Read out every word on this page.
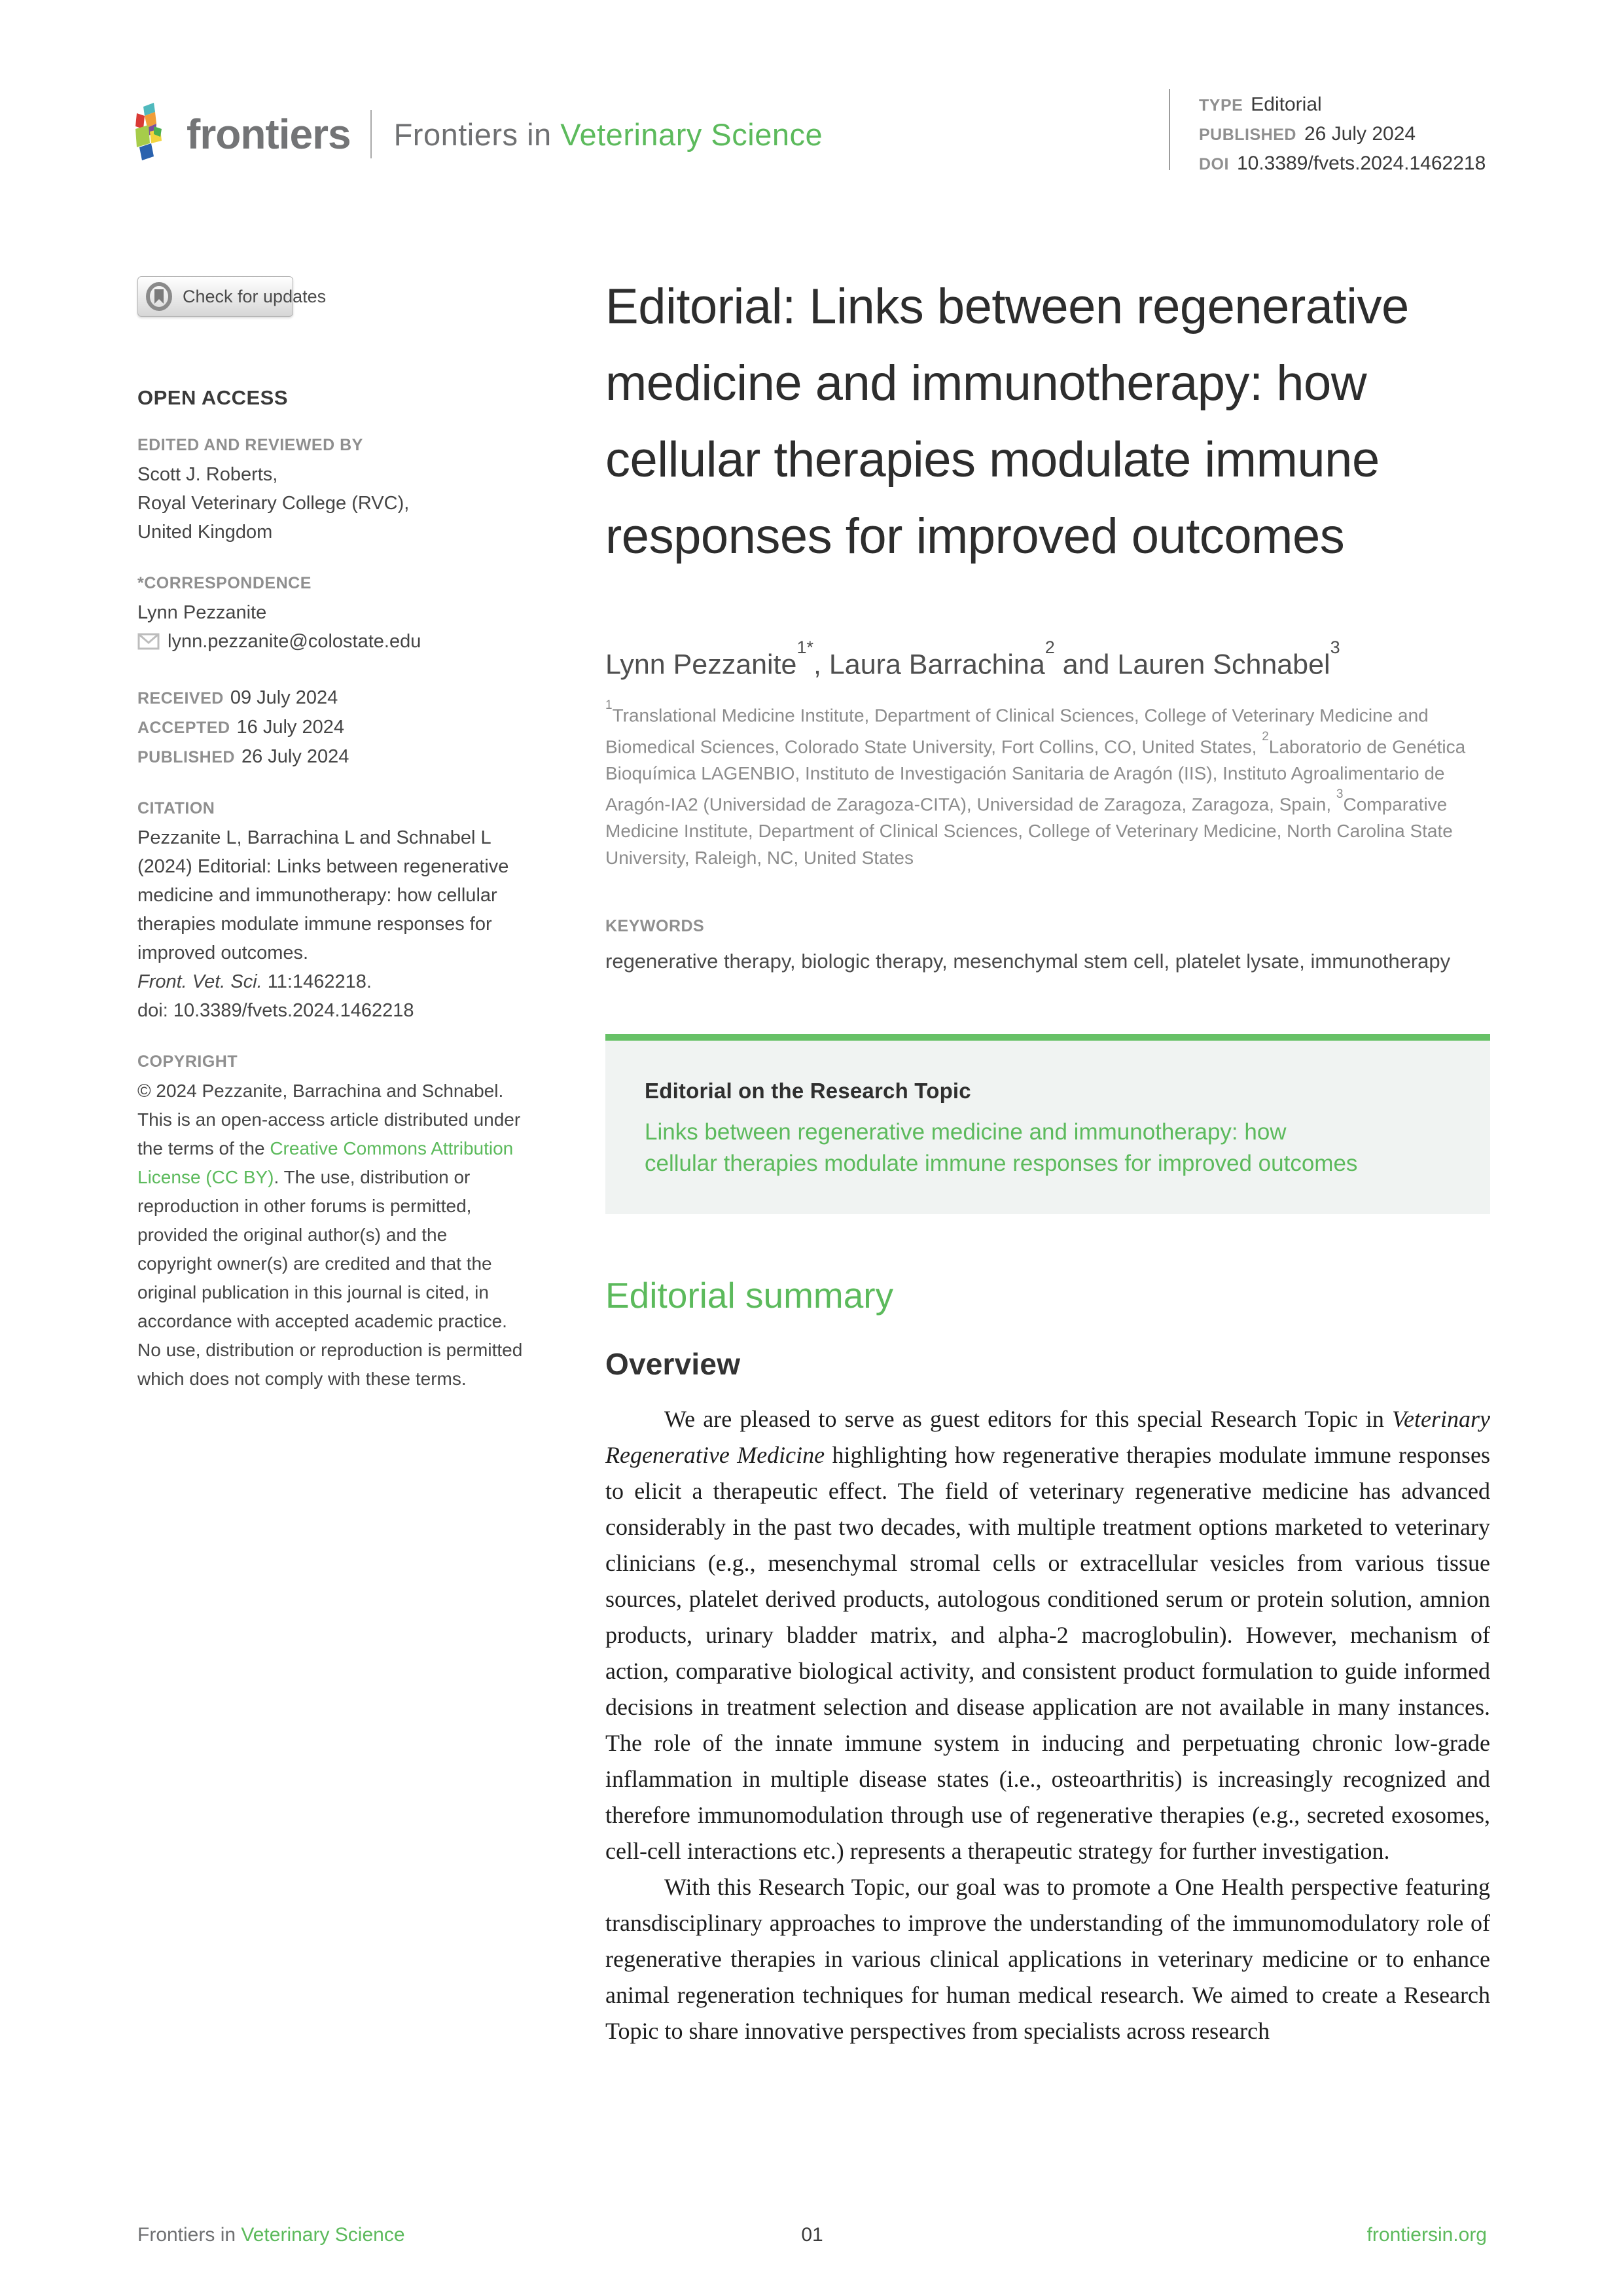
frontiers Frontiers in Veterinary Science
TYPE Editorial
PUBLISHED 26 July 2024
DOI 10.3389/fvets.2024.1462218
Check for updates
OPEN ACCESS
EDITED AND REVIEWED BY
Scott J. Roberts,
Royal Veterinary College (RVC),
United Kingdom
*CORRESPONDENCE
Lynn Pezzanite
lynn.pezzanite@colostate.edu
RECEIVED 09 July 2024
ACCEPTED 16 July 2024
PUBLISHED 26 July 2024
CITATION
Pezzanite L, Barrachina L and Schnabel L (2024) Editorial: Links between regenerative medicine and immunotherapy: how cellular therapies modulate immune responses for improved outcomes.
Front. Vet. Sci. 11:1462218.
doi: 10.3389/fvets.2024.1462218
COPYRIGHT
© 2024 Pezzanite, Barrachina and Schnabel. This is an open-access article distributed under the terms of the Creative Commons Attribution License (CC BY). The use, distribution or reproduction in other forums is permitted, provided the original author(s) and the copyright owner(s) are credited and that the original publication in this journal is cited, in accordance with accepted academic practice. No use, distribution or reproduction is permitted which does not comply with these terms.
Editorial: Links between regenerative medicine and immunotherapy: how cellular therapies modulate immune responses for improved outcomes
Lynn Pezzanite$^{1*}$, Laura Barrachina$^2$ and Lauren Schnabel$^3$
$^1$Translational Medicine Institute, Department of Clinical Sciences, College of Veterinary Medicine and Biomedical Sciences, Colorado State University, Fort Collins, CO, United States, $^2$Laboratorio de Genética Bioquímica LAGENBIO, Instituto de Investigación Sanitaria de Aragón (IIS), Instituto Agroalimentario de Aragón-IA2 (Universidad de Zaragoza-CITA), Universidad de Zaragoza, Zaragoza, Spain, $^3$Comparative Medicine Institute, Department of Clinical Sciences, College of Veterinary Medicine, North Carolina State University, Raleigh, NC, United States
KEYWORDS
regenerative therapy, biologic therapy, mesenchymal stem cell, platelet lysate, immunotherapy
Editorial on the Research Topic
Links between regenerative medicine and immunotherapy: how cellular therapies modulate immune responses for improved outcomes
Editorial summary
Overview

We are pleased to serve as guest editors for this special Research Topic in Veterinary Regenerative Medicine highlighting how regenerative therapies modulate immune responses to elicit a therapeutic effect. The field of veterinary regenerative medicine has advanced considerably in the past two decades, with multiple treatment options marketed to veterinary clinicians (e.g., mesenchymal stromal cells or extracellular vesicles from various tissue sources, platelet derived products, autologous conditioned serum or protein solution, amnion products, urinary bladder matrix, and alpha-2 macroglobulin). However, mechanism of action, comparative biological activity, and consistent product formulation to guide informed decisions in treatment selection and disease application are not available in many instances. The role of the innate immune system in inducing and perpetuating chronic low-grade inflammation in multiple disease states (i.e., osteoarthritis) is increasingly recognized and therefore immunomodulation through use of regenerative therapies (e.g., secreted exosomes, cell-cell interactions etc.) represents a therapeutic strategy for further investigation.

With this Research Topic, our goal was to promote a One Health perspective featuring transdisciplinary approaches to improve the understanding of the immunomodulatory role of regenerative therapies in various clinical applications in veterinary medicine or to enhance animal regeneration techniques for human medical research. We aimed to create a Research Topic to share innovative perspectives from specialists across research

Frontiers in Veterinary Science	01	frontiersin.org
